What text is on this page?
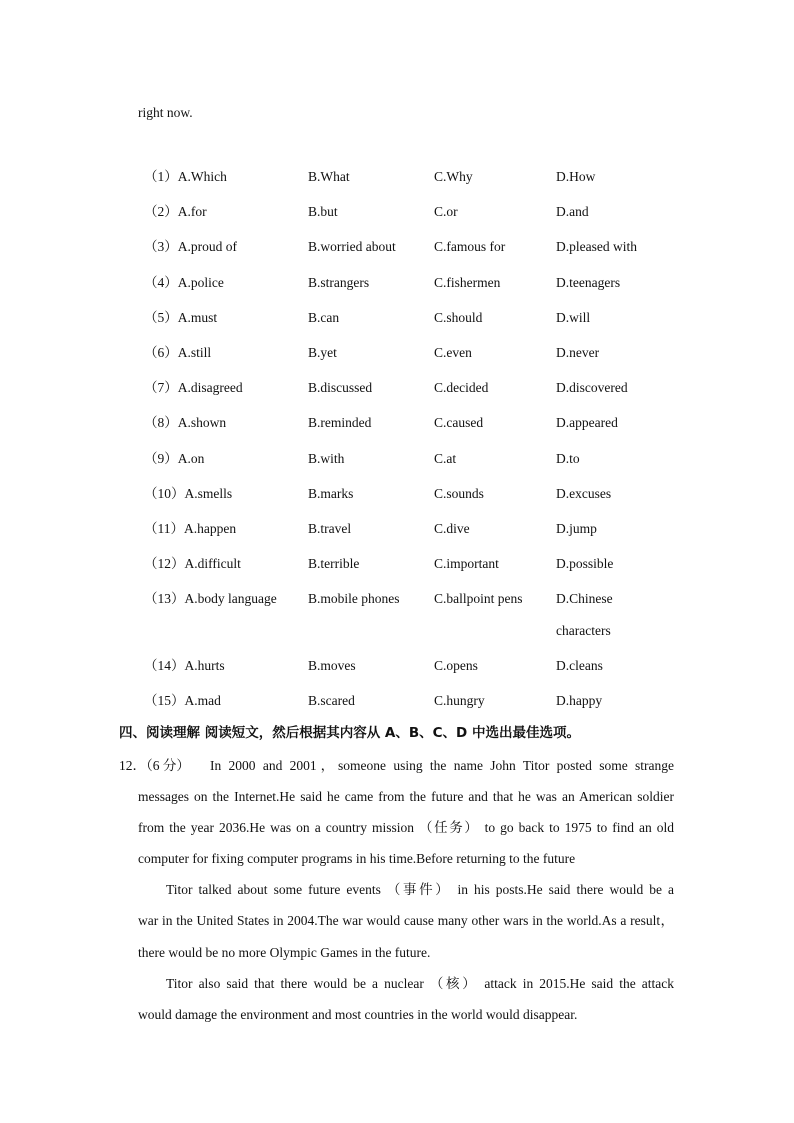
right now.
（1）A.Which	B.What	C.Why	D.How
（2）A.for	B.but	C.or	D.and
（3）A.proud of	B.worried about	C.famous for	D.pleased with
（4）A.police	B.strangers	C.fishermen	D.teenagers
（5）A.must	B.can	C.should	D.will
（6）A.still	B.yet	C.even	D.never
（7）A.disagreed	B.discussed	C.decided	D.discovered
（8）A.shown	B.reminded	C.caused	D.appeared
（9）A.on	B.with	C.at	D.to
（10）A.smells	B.marks	C.sounds	D.excuses
（11）A.happen	B.travel	C.dive	D.jump
（12）A.difficult	B.terrible	C.important	D.possible
（13）A.body language B.mobile phones	C.ballpoint pens D.Chinese
characters
（14）A.hurts	B.moves	C.opens	D.cleans
（15）A.mad	B.scared	C.hungry	D.happy
四、阅读理解 阅读短文，然后根据其内容从 A、B、C、D 中选出最佳选项。
12．（6 分） In 2000 and 2001，someone using the name John Titor posted some strange
messages on the Internet.He said he came from the future and that he was an American soldier
from the year 2036.He was on a country mission （任务） to go back to 1975 to find an old
computer for fixing computer programs in his time.Before returning to the future
Titor talked about some future events （事件） in his posts.He said there would be a
war in the United States in 2004.The war would cause many other wars in the world.As a result，
there would be no more Olympic Games in the future.
Titor also said that there would be a nuclear （核） attack in 2015.He said the attack
would damage the environment and most countries in the world would disappear.
